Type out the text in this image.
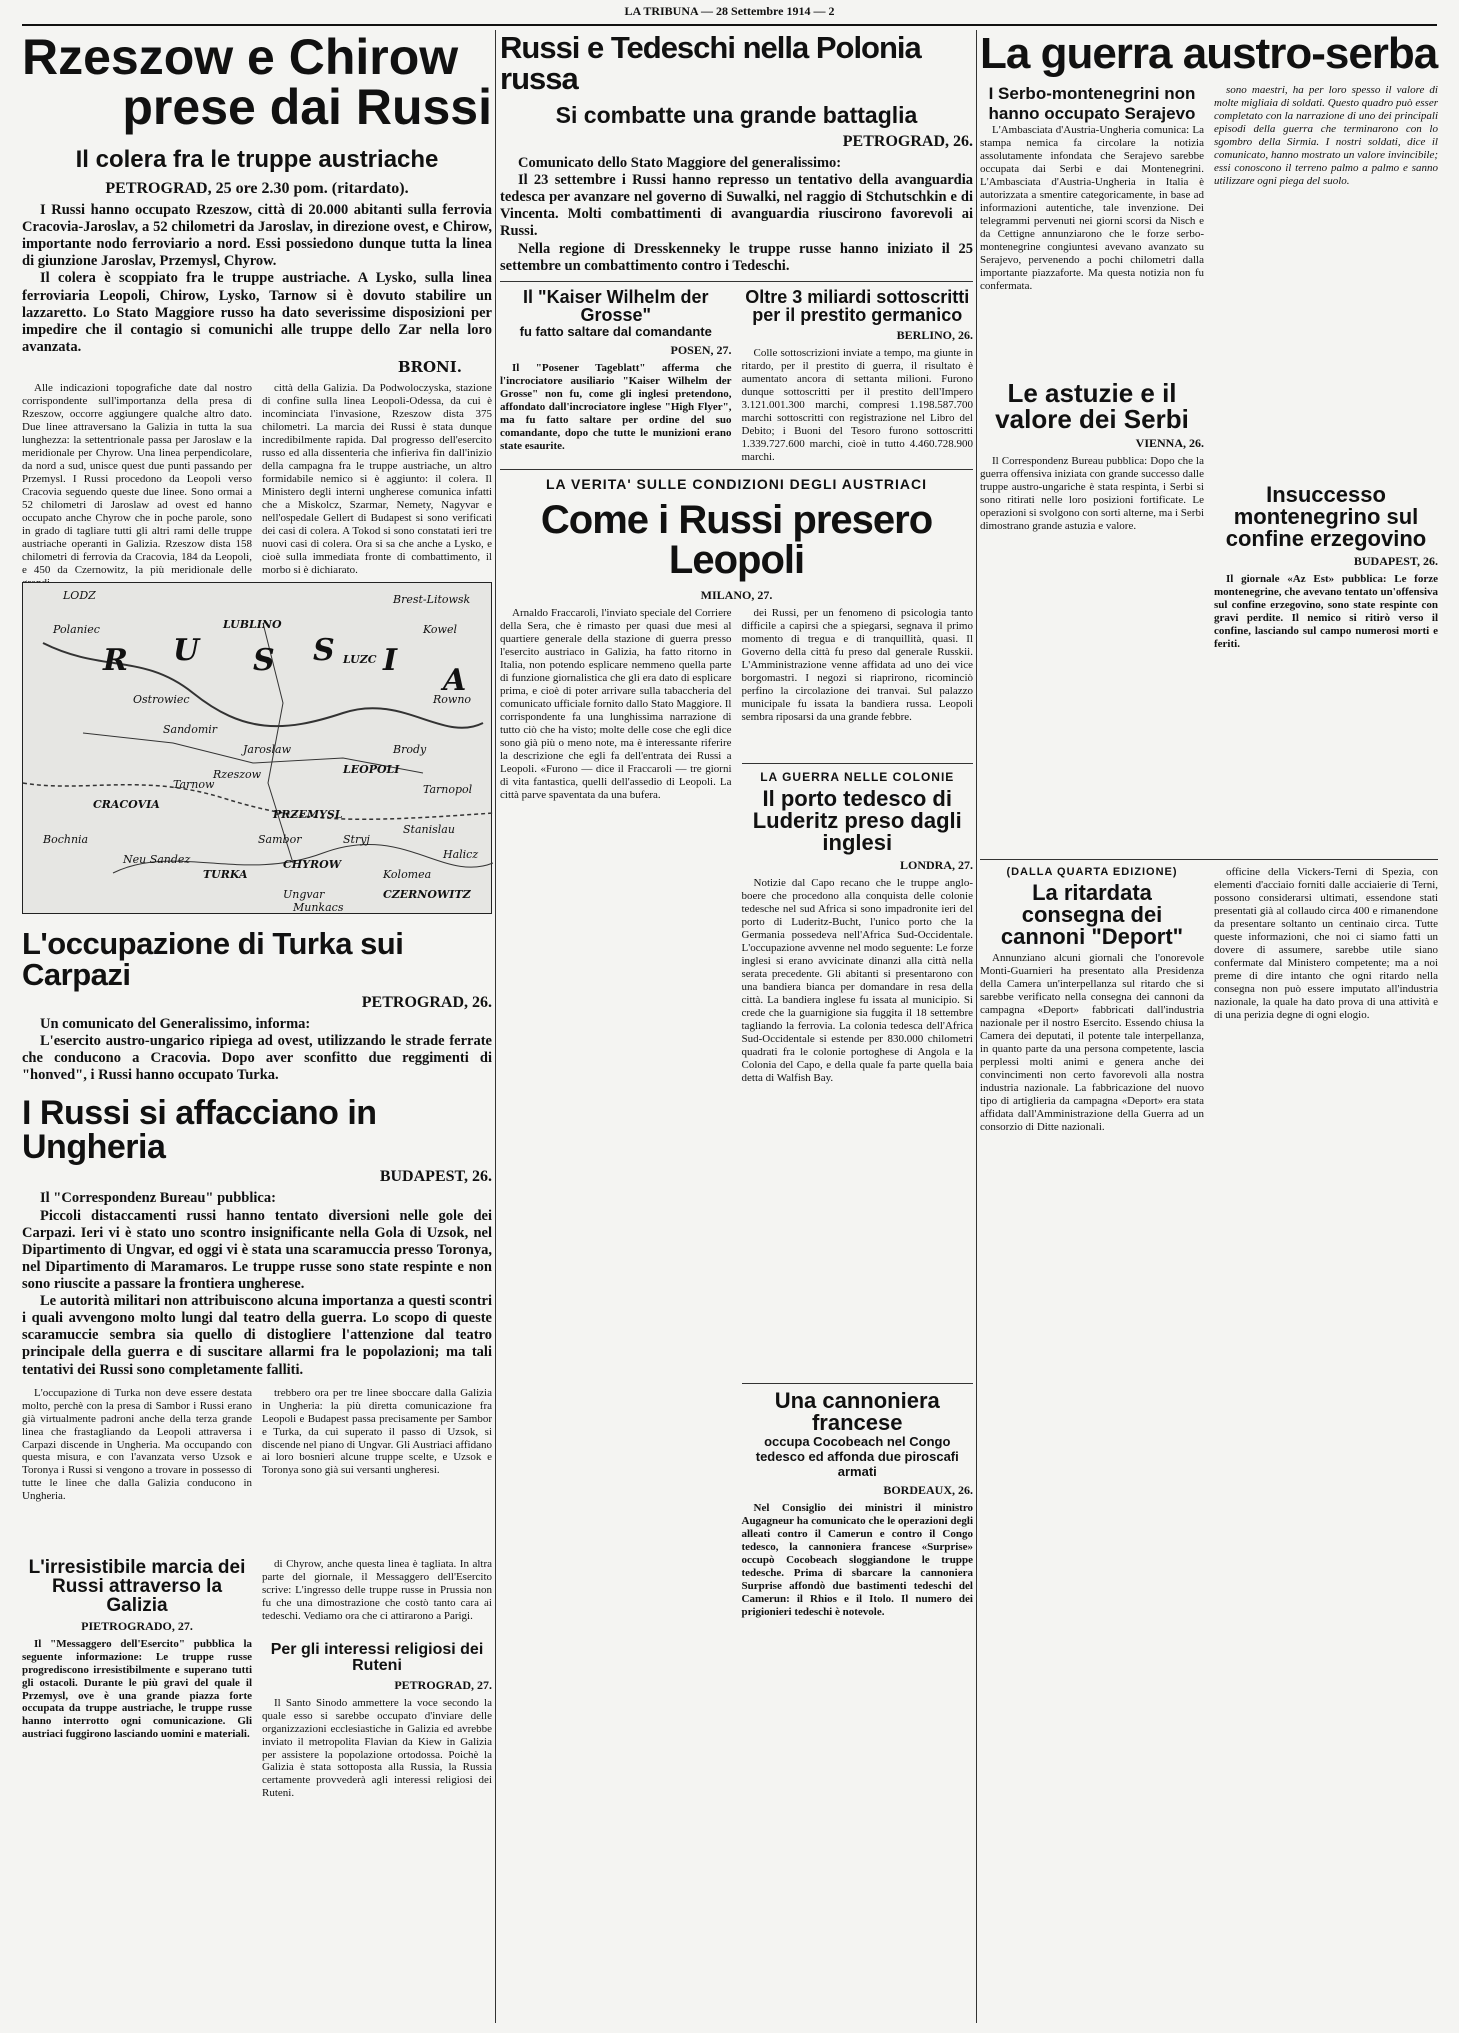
LA TRIBUNA — 28 Settembre 1914 — 2
Rzeszow e Chirow
prese dai Russi
Il colera fra le truppe austriache
PETROGRAD, 25 ore 2.30 pom. (ritardato).

I Russi hanno occupato Rzeszow, città di 20.000 abitanti sulla ferrovia Cracovia-Jaroslav, a 52 chilometri da Jaroslav, in direzione ovest, e Chirow, importante nodo ferroviario a nord. Essi possiedono dunque tutta la linea di giunzione Jaroslav, Przemysl, Chyrow.

Il colera è scoppiato fra le truppe austriache. A Lysko, sulla linea ferroviaria Leopoli, Chirow, Lysko, Tarnow si è dovuto stabilire un lazzaretto. Lo Stato Maggiore russo ha dato severissime disposizioni per impedire che il contagio si comunichi alle truppe dello Zar nella loro avanzata.

BRONI.

Alle indicazioni topografiche date dal nostro corrispondente sull'importanza della presa di Rzeszow, occorre aggiungere qualche altro dato. Due linee attraversano la Galizia in tutta la sua lunghezza: la settentrionale passa per Jaroslaw e la meridionale per Chyrow. Una linea perpendicolare, da nord a sud, unisce quest due punti passando per Przemysl. I Russi procedono da Leopoli verso Cracovia seguendo queste due linee. Sono ormai a 52 chilometri di Jaroslaw ad ovest ed hanno occupato anche Chyrow che in poche parole, sono in grado di tagliare tutti gli altri rami delle truppe austriache operanti in Galizia. Rzeszow dista 158 chilometri di ferrovia da Cracovia, 184 da Leopoli, e 450 da Czernowitz, la più meridionale delle

città della Galizia. Da Podwoloczyska, stazione di confine sulla linea Leopoli-Odessa, da cui è incominciata l'invasione, Rzeszow dista 375 chilometri. La marcia dei Russi è stata dunque incredibilmente rapida. Dal progresso dell'esercito russo ed alla dissenteria che infieriva fin dall'inizio della campagna fra le truppe austriache, un altro formidabile nemico si è aggiunto: il colera. Il Ministero degli interni ungherese comunica infatti che a Miskolcz, Szarmar, Nemety, Nagyvar e nell'ospedale Gellert di Budapest si sono verificati dei casi di colera. A Tokod si sono constatati ieri tre nuovi casi di colera. Ora si sa che anche a Lysko, e cioè sulla immediata fronte di combattimento, il morbo si è dichiarato.

LODZ
Polaniec
Brest-Litowsk
R U S S I
A
LUBLINO
LUZC
Kowel
Rowno
Ostrowiec
Sandomir
Jaroslaw
Tarnow
CRACOVIA
PRZEMYSL
LEOPOLI
Brody
Tarnopol
Rzeszow
Sambor
CHYROW
Stryj
Stanislau
Kolomea
CZERNOWITZ
TURKA
Ungvar
Munkacs
Bochnia
Neu Sandez	Halicz
L'occupazione di Turka sui Carpazi
PETROGRAD, 26.

Un comunicato del Generalissimo, informa:

L'esercito austro-ungarico ripiega ad ovest, utilizzando le strade ferrate che conducono a Cracovia. Dopo aver sconfitto due reggimenti di "honved", i Russi hanno occupato Turka.

I Russi si affacciano in Ungheria
BUDAPEST, 26.

Il "Correspondenz Bureau" pubblica:

Piccoli distaccamenti russi hanno tentato diversioni nelle gole dei Carpazi. Ieri vi è stato uno scontro insignificante nella Gola di Uzsok, nel Dipartimento di Ungvar, ed oggi vi è stata una scaramuccia presso Toronya, nel Dipartimento di Maramaros. Le truppe russe sono state respinte e non sono riuscite a passare la frontiera ungherese.

Le autorità militari non attribuiscono alcuna importanza a questi scontri i quali avvengono molto lungi dal teatro della guerra. Lo scopo di queste scaramuccie sembra sia quello di distogliere l'attenzione dal teatro principale della guerra e di suscitare allarmi fra le popolazioni; ma tali tentativi dei Russi sono completamente falliti.

L'occupazione di Turka non deve essere destata molto, perchè con la presa di Sambor i Russi erano già virtualmente padroni anche della terza grande linea che frastagliando da Leopoli attraversa i Carpazi discende in Ungheria. Ma occupando con questa misura, e con l'avanzata verso Uzsok e Toronya i Russi si vengono a trovare in possesso di tutte le linee che dalla Galizia conducono in Ungheria.

trebbero ora per tre linee sboccare dalla Galizia in Ungheria: la più diretta comunicazione fra Leopoli e Budapest passa precisamente per Sambor e Turka, da cui superato il passo di Uzsok, si discende nel piano di Ungvar. Gli Austriaci affidano ai loro bosnieri alcune truppe scelte, e Uzsok e Toronya sono già sui versanti ungheresi.

L'irresistibile marcia dei Russi attraverso la Galizia
PIETROGRADO, 27.

Il "Messaggero dell'Esercito" pubblica la seguente informazione: Le truppe russe progrediscono irresistibilmente e superano tutti gli ostacoli. Durante le più gravi del quale il Przemysl, ove è una grande piazza forte occupata da truppe austriache, le truppe russe hanno interrotto ogni comunicazione. Gli austriaci fuggirono lasciando uomini e materiali.

di Chyrow, anche questa linea è tagliata. In altra parte del giornale, il Messaggero dell'Esercito scrive: L'ingresso delle truppe russe in Prussia non fu che una dimostrazione che costò tanto cara ai tedeschi. Vediamo ora che ci attirarono a Parigi.

Per gli interessi religiosi dei Ruteni
PETROGRAD, 27.

Il Santo Sinodo ammettere la voce secondo la quale esso si sarebbe occupato d'inviare delle organizzazioni ecclesiastiche in Galizia ed avrebbe inviato il metropolita Flavian da Kiew in Galizia per assistere la popolazione ortodossa. Poichè la Galizia è stata sottoposta alla Russia, la Russia certamente provvederà agli interessi religiosi dei Ruteni.

Russi e Tedeschi nella Polonia russa
Si combatte una grande battaglia
PETROGRAD, 26.

Comunicato dello Stato Maggiore del generalissimo:

Il 23 settembre i Russi hanno represso un tentativo della avanguardia tedesca per avanzare nel governo di Suwalki, nel raggio di Stchutschkin e di Vincenta. Molti combattimenti di avanguardia riuscirono favorevoli ai Russi.

Nella regione di Dresskenneky le truppe russe hanno iniziato il 25 settembre un combattimento contro i Tedeschi.

Il "Kaiser Wilhelm der Grosse"
fu fatto saltare dal comandante
POSEN, 27.

Il "Posener Tageblatt" afferma che l'incrociatore ausiliario "Kaiser Wilhelm der Grosse" non fu, come gli inglesi pretendono, affondato dall'incrociatore inglese "High Flyer", ma fu fatto saltare per ordine del suo comandante, dopo che tutte le munizioni erano state esaurite.

Oltre 3 miliardi sottoscritti per il prestito germanico
BERLINO, 26.

Colle sottoscrizioni inviate a tempo, ma giunte in ritardo, per il prestito di guerra, il risultato è aumentato ancora di settanta milioni. Furono dunque sottoscritti per il prestito dell'Impero 3.121.001.300 marchi, compresi 1.198.587.700 marchi sottoscritti con registrazione nel Libro del Debito; i Buoni del Tesoro furono sottoscritti 1.339.727.600 marchi, cioè in tutto 4.460.728.900 marchi.

LA VERITA' SULLE CONDIZIONI DEGLI AUSTRIACI
Come i Russi presero Leopoli
MILANO, 27.

Arnaldo Fraccaroli, l'inviato speciale del Corriere della Sera, che è rimasto per quasi due mesi al quartiere generale della stazione di guerra presso l'esercito austriaco in Galizia, ha fatto ritorno in Italia, non potendo esplicare nemmeno quella parte di funzione giornalistica che gli era dato di esplicare prima, e cioè di poter arrivare sulla tabaccheria del comunicato ufficiale fornito dallo Stato Maggiore. Il corrispondente fa una lunghissima narrazione di tutto ciò che ha visto; molte delle cose che egli dice sono già più o meno note, ma è interessante riferire la descrizione che egli fa dell'entrata dei Russi a Leopoli. «Furono — dice il Fraccaroli — tre giorni di vita fantastica, quelli dell'assedio di Leopoli. La città parve spaventata da una bufera.

dei Russi, per un fenomeno di psicologia tanto difficile a capirsi che a spiegarsi, segnava il primo momento di tregua e di tranquillità, quasi. Il Governo della città fu preso dal generale Russkii. L'Amministrazione venne affidata ad uno dei vice borgomastri. I negozi si riaprirono, ricominciò perfino la circolazione dei tranvai. Sul palazzo municipale fu issata la bandiera russa. Leopoli sembra riposarsi da una grande febbre.

LA GUERRA NELLE COLONIE
Il porto tedesco di Luderitz preso dagli inglesi
LONDRA, 27.

Notizie dal Capo recano che le truppe anglo-boere che procedono alla conquista delle colonie tedesche nel sud Africa si sono impadronite ieri del porto di Luderitz-Bucht, l'unico porto che la Germania possedeva nell'Africa Sud-Occidentale. L'occupazione avvenne nel modo seguente: Le forze inglesi si erano avvicinate dinanzi alla città nella serata precedente. Gli abitanti si presentarono con una bandiera bianca per domandare in resa della città. La bandiera inglese fu issata al municipio. Si crede che la guarnigione sia fuggita il 18 settembre tagliando la ferrovia. La colonia tedesca dell'Africa Sud-Occidentale si estende per 830.000 chilometri quadrati fra le colonie portoghese di Angola e la Colonia del Capo, e della quale fa parte quella baia detta di Walfish Bay.

Una cannoniera francese
occupa Cocobeach nel Congo tedesco ed affonda due piroscafi armati
BORDEAUX, 26.

Nel Consiglio dei ministri il ministro Augagneur ha comunicato che le operazioni degli alleati contro il Camerun e contro il Congo tedesco, la cannoniera francese «Surprise» occupò Cocobeach sloggiandone le truppe tedesche. Prima di sbarcare la cannoniera Surprise affondò due bastimenti tedeschi del Camerun: il Rhios e il Itolo. Il numero dei prigionieri tedeschi è notevole.

La guerra austro-serba
I Serbo-montenegrini non hanno occupato Serajevo

L'Ambasciata d'Austria-Ungheria comunica: La stampa nemica fa circolare la notizia assolutamente infondata che Serajevo sarebbe occupata dai Serbi e dai Montenegrini. L'Ambasciata d'Austria-Ungheria in Italia è autorizzata a smentire categoricamente, in base ad informazioni autentiche, tale invenzione. Dei telegrammi pervenuti nei giorni scorsi da Nisch e da Cettigne annunziarono che le forze serbo-montenegrine congiuntesi avevano avanzato su Serajevo, pervenendo a pochi chilometri dalla importante piazzaforte. Ma questa notizia non fu confermata.

Le astuzie e il valore dei Serbi
VIENNA, 26.

Il Correspondenz Bureau pubblica: Dopo che la guerra offensiva iniziata con grande successo dalle truppe austro-ungariche è stata respinta, i Serbi si sono ritirati nelle loro posizioni fortificate. Le operazioni si svolgono con sorti alterne, ma i Serbi dimostrano grande astuzia e valore.

sono maestri, ha per loro spesso il valore di molte migliaia di soldati. Questo quadro può esser completato con la narrazione di uno dei principali episodi della guerra che terminarono con lo sgombro della Sirmia. I nostri soldati, dice il comunicato, hanno mostrato un valore invincibile; essi conoscono il terreno palmo a palmo e sanno utilizzare ogni piega del suolo.

Insuccesso montenegrino sul confine erzegovino
BUDAPEST, 26.

Il giornale «Az Est» pubblica: Le forze montenegrine, che avevano tentato un'offensiva sul confine erzegovino, sono state respinte con gravi perdite. Il nemico si ritirò verso il confine, lasciando sul campo numerosi morti e feriti.

(DALLA QUARTA EDIZIONE)
La ritardata consegna dei cannoni "Deport"

Annunziano alcuni giornali che l'onorevole Monti-Guarnieri ha presentato alla Presidenza della Camera un'interpellanza sul ritardo che si sarebbe verificato nella consegna dei cannoni da campagna «Deport» fabbricati dall'industria nazionale per il nostro Esercito. Essendo chiusa la Camera dei deputati, il potente tale interpellanza, in quanto parte da una persona competente, lascia perplessi molti animi e genera anche dei convincimenti non certo favorevoli alla nostra industria nazionale. La fabbricazione del nuovo tipo di artiglieria da campagna «Deport» era stata affidata dall'Amministrazione della Guerra ad un consorzio di Ditte nazionali.

officine della Vickers-Terni di Spezia, con elementi d'acciaio forniti dalle acciaierie di Terni, possono considerarsi ultimati, essendone stati presentati già al collaudo circa 400 e rimanendone da presentare soltanto un centinaio circa. Tutte queste informazioni, che noi ci siamo fatti un dovere di assumere, sarebbe utile siano confermate dal Ministero competente; ma a noi preme di dire intanto che ogni ritardo nella consegna non può essere imputato all'industria nazionale, la quale ha dato prova di una attività e di una perizia degne di ogni elogio.
